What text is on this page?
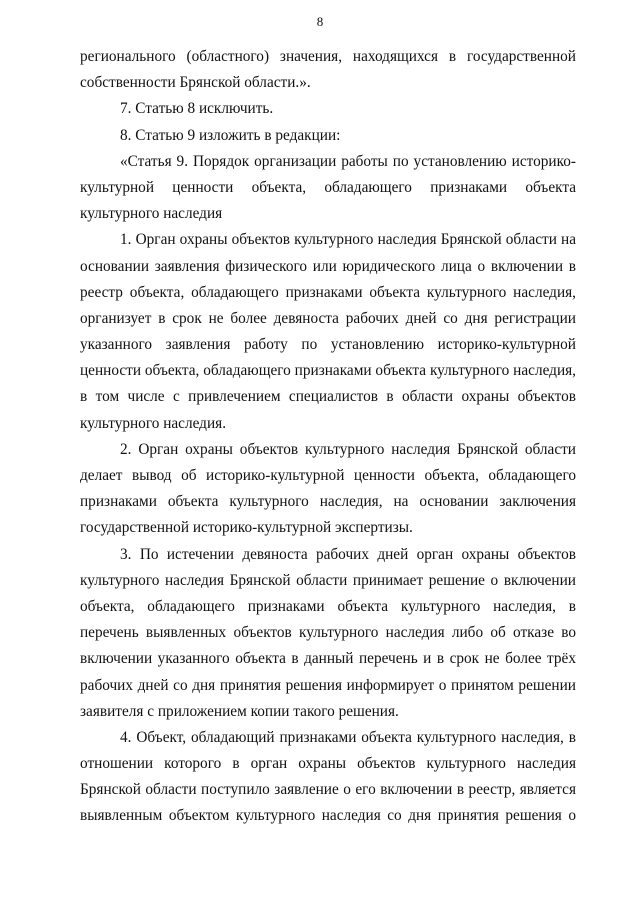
8
регионального (областного) значения, находящихся в государственной
собственности Брянской области.».
7. Статью 8 исключить.
8. Статью 9 изложить в редакции:
«Статья 9. Порядок организации работы по установлению историко-
культурной ценности объекта, обладающего признаками объекта
культурного наследия
1. Орган охраны объектов культурного наследия Брянской области на
основании заявления физического или юридического лица о включении в
реестр объекта, обладающего признаками объекта культурного наследия,
организует в срок не более девяноста рабочих дней со дня регистрации
указанного заявления работу по установлению историко-культурной
ценности объекта, обладающего признаками объекта культурного наследия,
в том числе с привлечением специалистов в области охраны объектов
культурного наследия.
2. Орган охраны объектов культурного наследия Брянской области
делает вывод об историко-культурной ценности объекта, обладающего
признаками объекта культурного наследия, на основании заключения
государственной историко-культурной экспертизы.
3. По истечении девяноста рабочих дней орган охраны объектов
культурного наследия Брянской области принимает решение о включении
объекта, обладающего признаками объекта культурного наследия, в
перечень выявленных объектов культурного наследия либо об отказе во
включении указанного объекта в данный перечень и в срок не более трёх
рабочих дней со дня принятия решения информирует о принятом решении
заявителя с приложением копии такого решения.
4. Объект, обладающий признаками объекта культурного наследия, в
отношении которого в орган охраны объектов культурного наследия
Брянской области поступило заявление о его включении в реестр, является
выявленным объектом культурного наследия со дня принятия решения о
